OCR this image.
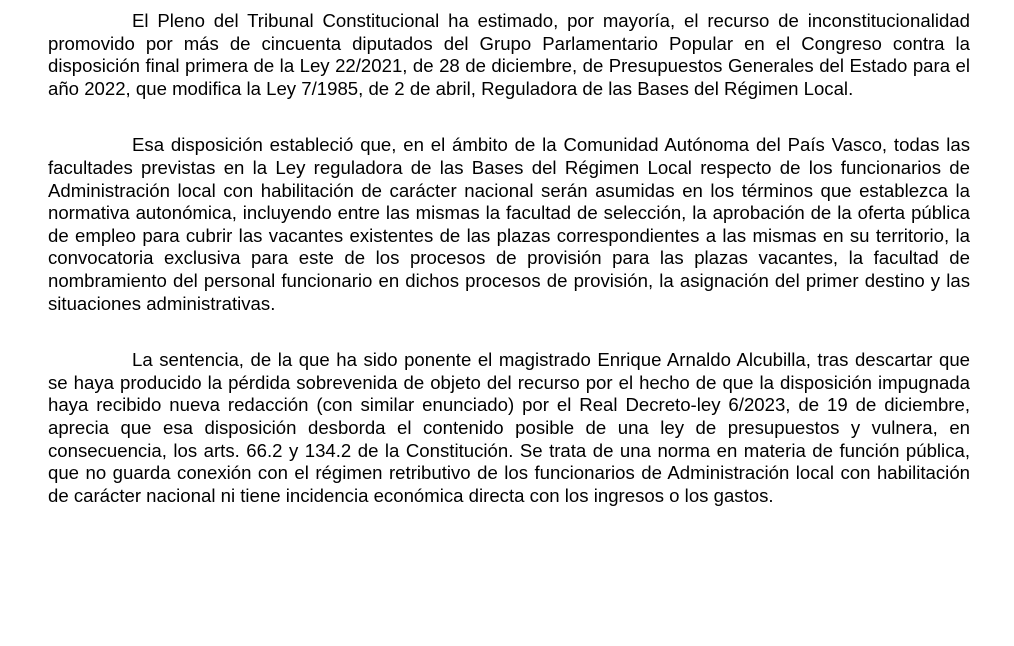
El Pleno del Tribunal Constitucional ha estimado, por mayoría, el recurso de inconstitucionalidad promovido por más de cincuenta diputados del Grupo Parlamentario Popular en el Congreso contra la disposición final primera de la Ley 22/2021, de 28 de diciembre, de Presupuestos Generales del Estado para el año 2022, que modifica la Ley 7/1985, de 2 de abril, Reguladora de las Bases del Régimen Local.

Esa disposición estableció que, en el ámbito de la Comunidad Autónoma del País Vasco, todas las facultades previstas en la Ley reguladora de las Bases del Régimen Local respecto de los funcionarios de Administración local con habilitación de carácter nacional serán asumidas en los términos que establezca la normativa autonómica, incluyendo entre las mismas la facultad de selección, la aprobación de la oferta pública de empleo para cubrir las vacantes existentes de las plazas correspondientes a las mismas en su territorio, la convocatoria exclusiva para este de los procesos de provisión para las plazas vacantes, la facultad de nombramiento del personal funcionario en dichos procesos de provisión, la asignación del primer destino y las situaciones administrativas.

La sentencia, de la que ha sido ponente el magistrado Enrique Arnaldo Alcubilla, tras descartar que se haya producido la pérdida sobrevenida de objeto del recurso por el hecho de que la disposición impugnada haya recibido nueva redacción (con similar enunciado) por el Real Decreto-ley 6/2023, de 19 de diciembre, aprecia que esa disposición desborda el contenido posible de una ley de presupuestos y vulnera, en consecuencia, los arts. 66.2 y 134.2 de la Constitución. Se trata de una norma en materia de función pública, que no guarda conexión con el régimen retributivo de los funcionarios de Administración local con habilitación de carácter nacional ni tiene incidencia económica directa con los ingresos o los gastos.
